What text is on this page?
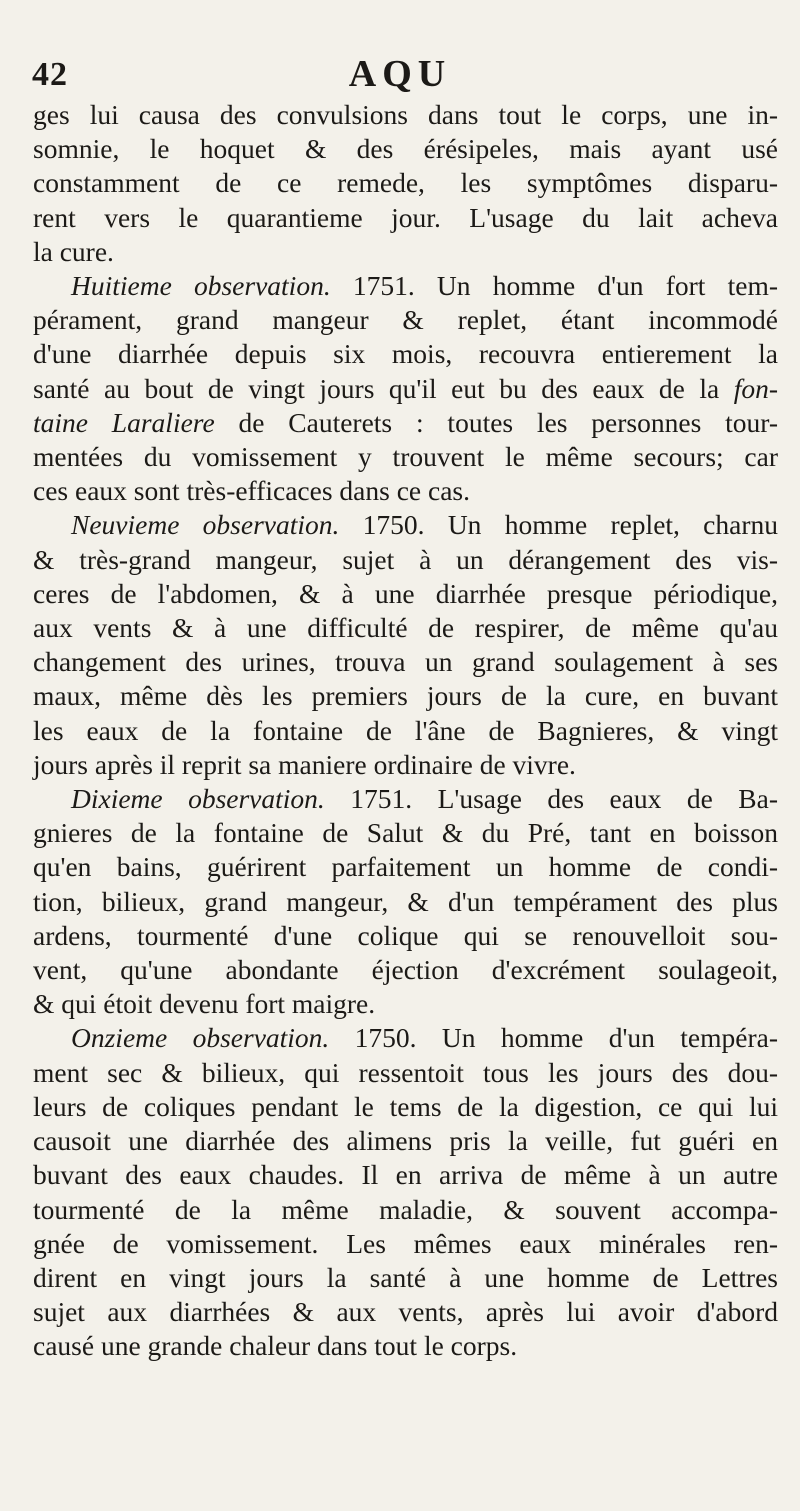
42	AQU
ges lui causa des convulsions dans tout le corps, une in-
somnie, le hoquet & des érésipeles, mais ayant usé
constamment de ce remede, les symptômes disparu-
rent vers le quarantieme jour. L'usage du lait acheva
la cure.
Huitieme observation. 1751. Un homme d'un fort tem-
pérament, grand mangeur & replet, étant incommodé
d'une diarrhée depuis six mois, recouvra entierement la
santé au bout de vingt jours qu'il eut bu des eaux de la fon-
taine Laraliere de Cauterets : toutes les personnes tour-
mentées du vomissement y trouvent le même secours; car
ces eaux sont très-efficaces dans ce cas.
Neuvieme observation. 1750. Un homme replet, charnu
& très-grand mangeur, sujet à un dérangement des vis-
ceres de l'abdomen, & à une diarrhée presque périodique,
aux vents & à une difficulté de respirer, de même qu'au
changement des urines, trouva un grand soulagement à ses
maux, même dès les premiers jours de la cure, en buvant
les eaux de la fontaine de l'âne de Bagnieres, & vingt
jours après il reprit sa maniere ordinaire de vivre.
Dixieme observation. 1751. L'usage des eaux de Ba-
gnieres de la fontaine de Salut & du Pré, tant en boisson
qu'en bains, guérirent parfaitement un homme de condi-
tion, bilieux, grand mangeur, & d'un tempérament des plus
ardens, tourmenté d'une colique qui se renouvelloit sou-
vent, qu'une abondante éjection d'excrément soulageoit,
& qui étoit devenu fort maigre.
Onzieme observation. 1750. Un homme d'un tempéra-
ment sec & bilieux, qui ressentoit tous les jours des dou-
leurs de coliques pendant le tems de la digestion, ce qui lui
causoit une diarrhée des alimens pris la veille, fut guéri en
buvant des eaux chaudes. Il en arriva de même à un autre
tourmenté de la même maladie, & souvent accompa-
gnée de vomissement. Les mêmes eaux minérales ren-
dirent en vingt jours la santé à une homme de Lettres
sujet aux diarrhées & aux vents, après lui avoir d'abord
causé une grande chaleur dans tout le corps.
